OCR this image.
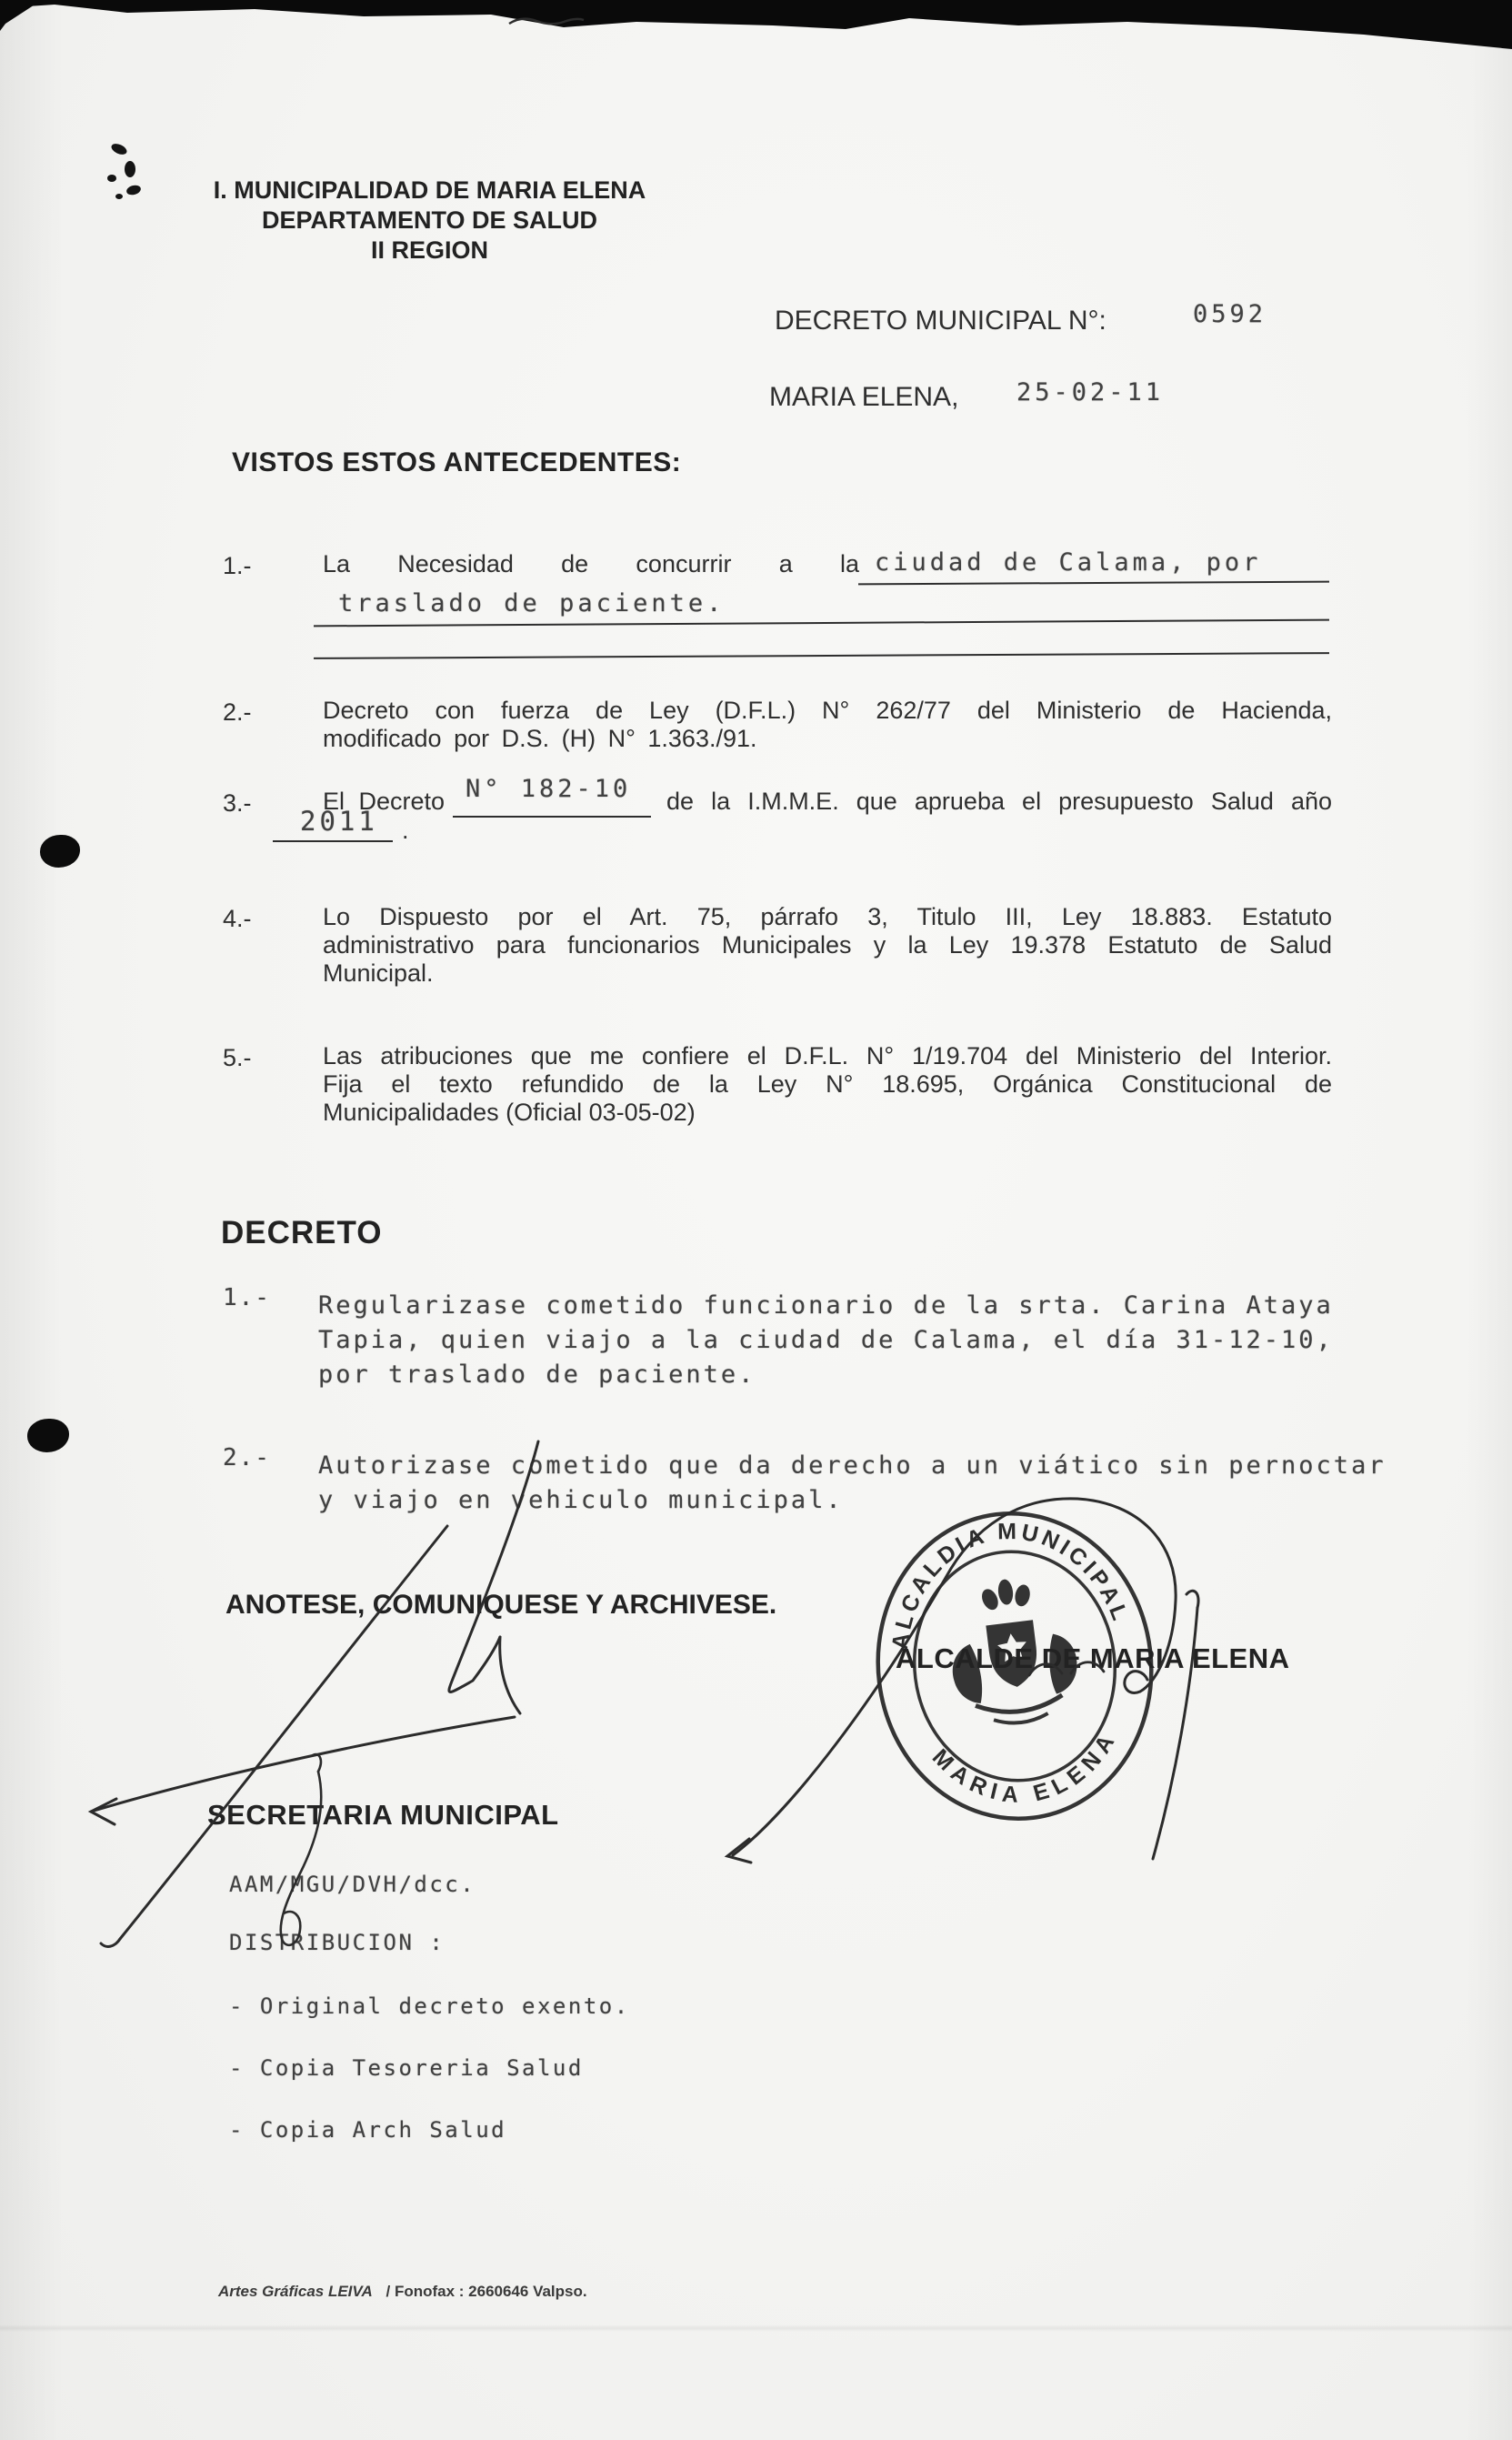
I. MUNICIPALIDAD DE MARIA ELENA
DEPARTAMENTO DE SALUD
II REGION
DECRETO MUNICIPAL N°:	0592
MARIA ELENA, 25-02-11
VISTOS ESTOS ANTECEDENTES:
1.-	La Necesidad de concurrir a la ciudad de Calama, por
traslado de paciente.
2.-	Decreto con fuerza de Ley (D.F.L.) N° 262/77 del Ministerio de Hacienda,
modificado por D.S. (H) N° 1.363./91.
3.-	El Decreto N° 182-10 de la I.M.M.E. que aprueba el presupuesto Salud año
2011 .
4.-	Lo Dispuesto por el Art. 75, párrafo 3, Titulo III, Ley 18.883. Estatuto
administrativo para funcionarios Municipales y la Ley 19.378 Estatuto de Salud
Municipal.
5.-	Las atribuciones que me confiere el D.F.L. N° 1/19.704 del Ministerio del Interior.
Fija el texto refundido de la Ley N° 18.695, Orgánica Constitucional de
Municipalidades (Oficial 03-05-02)
DECRETO
1.- Regularizase cometido funcionario de la srta. Carina Ataya
Tapia, quien viajo a la ciudad de Calama, el día 31-12-10,
por traslado de paciente.
2.- Autorizase cometido que da derecho a un viático sin pernoctar
y viajo en vehiculo municipal.
ANOTESE, COMUNIQUESE Y ARCHIVESE.
ALCALDIA MUNICIPAL
MARIA ELENA
ALCALDE DE MARIA ELENA
SECRETARIA MUNICIPAL
AAM/MGU/DVH/dcc.
DISTRIBUCION :
- Original decreto exento.
- Copia Tesoreria Salud
- Copia Arch Salud
Artes Gráficas LEIVA / Fonofax : 2660646 Valpso.
